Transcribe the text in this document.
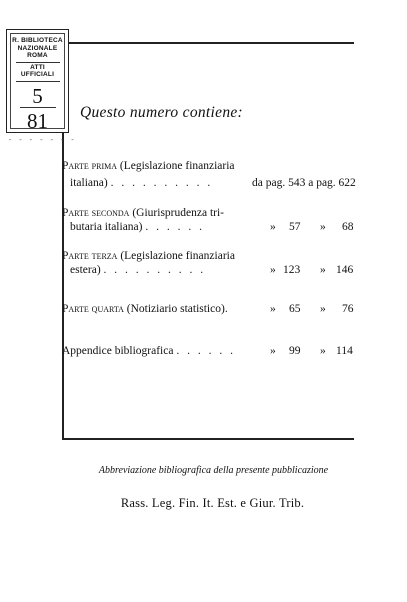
R. BIBLIOTECA
NAZIONALE
ROMA
ATTI
UFFICIALI
5
81
- - - - - - -
Questo numero contiene:
Parte prima (Legislazione finanziaria
italiana) . . . . . . . . . .	da pag. 543 a pag. 622
Parte seconda (Giurisprudenza tri-
butaria italiana) . . . . . .	» 57 » 68
Parte terza (Legislazione finanziaria
estera) . . . . . . . . . .	» 123 » 146
Parte quarta (Notiziario statistico).	» 65 » 76
Appendice bibliografica . . . . . .	» 99 » 114
Abbreviazione bibliografica della presente pubblicazione
Rass. Leg. Fin. It. Est. e Giur. Trib.
